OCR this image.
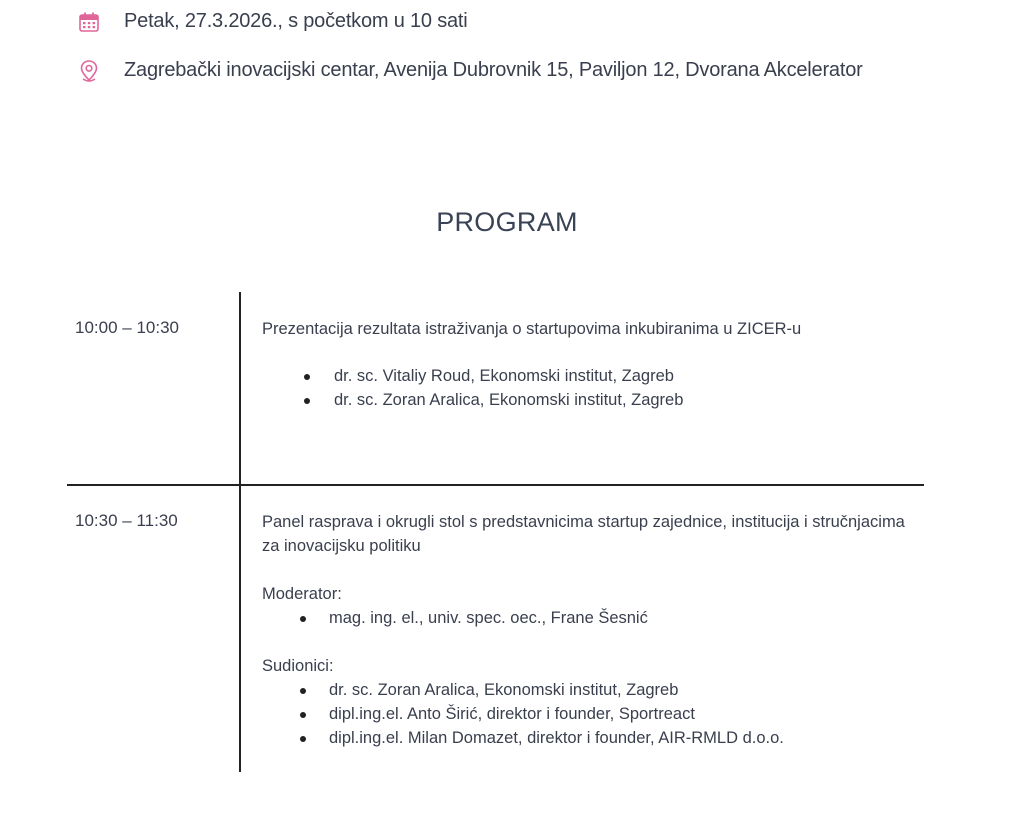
Petak, 27.3.2026., s početkom u 10 sati
Zagrebački inovacijski centar, Avenija Dubrovnik 15, Paviljon 12, Dvorana Akcelerator
PROGRAM
10:00 – 10:30	Prezentacija rezultata istraživanja o startupovima inkubiranima u ZICER-u

dr. sc. Vitaliy Roud, Ekonomski institut, Zagreb
dr. sc. Zoran Aralica, Ekonomski institut, Zagreb
10:30 – 11:30	Panel rasprava i okrugli stol s predstavnicima startup zajednice, institucija i stručnjacima za inovacijsku politiku

Moderator:

mag. ing. el., univ. spec. oec., Frane Šesnić

Sudionici:

dr. sc. Zoran Aralica, Ekonomski institut, Zagreb
dipl.ing.el. Anto Širić, direktor i founder, Sportreact
dipl.ing.el. Milan Domazet, direktor i founder, AIR-RMLD d.o.o.
